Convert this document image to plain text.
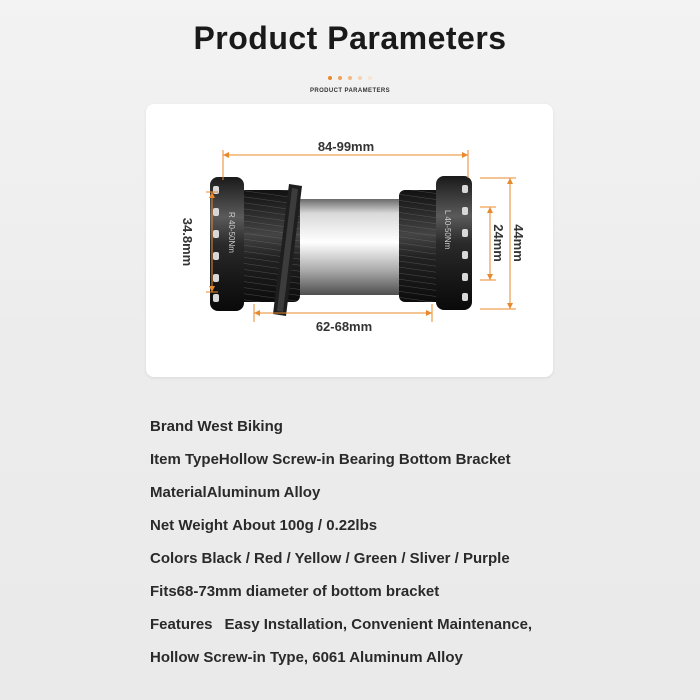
Product Parameters
PRODUCT PARAMETERS
R 40-50Nm	L 40-50Nm
84-99mm
62-68mm
34.8mm	44mm
24mm
Brand West Biking
Item TypeHollow Screw-in Bearing Bottom Bracket
MaterialAluminum Alloy
Net Weight About 100g / 0.22lbs
Colors Black / Red / Yellow / Green / Sliver / Purple
Fits68-73mm diameter of bottom bracket
Features Easy Installation, Convenient Maintenance,
Hollow Screw-in Type, 6061 Aluminum Alloy
